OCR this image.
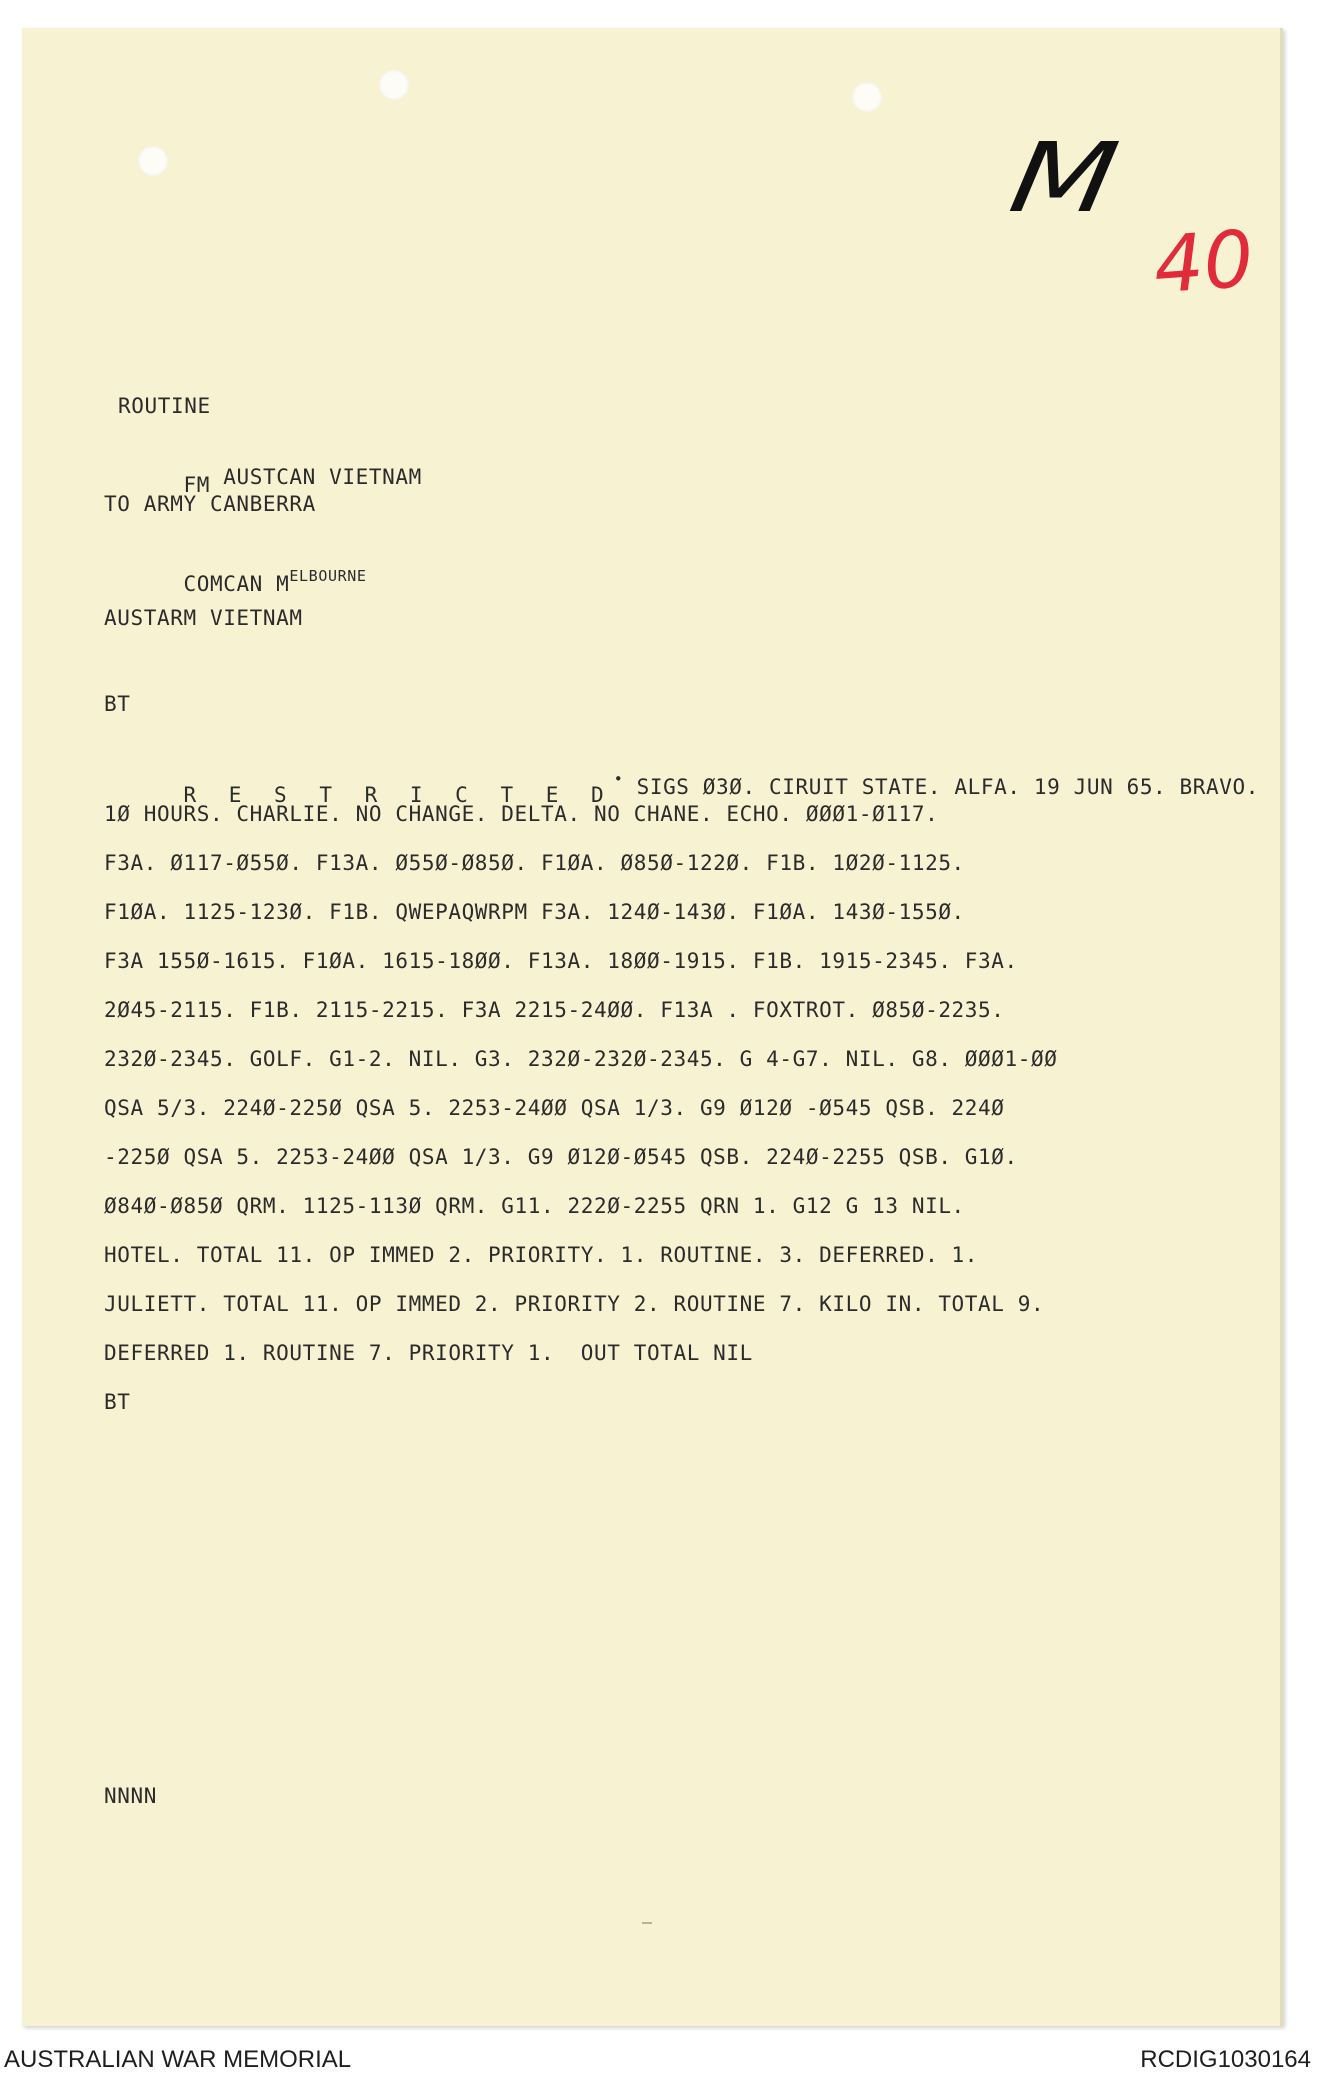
M
40
ROUTINE

FM AUSTCAN VIETNAM

TO ARMY CANBERRA

COMCAN $M^{ELBOURNE}$

AUSTARM VIETNAM
BT

R E S T R I C T E D• SIGS Ø3Ø. CIRUIT STATE. ALFA. 19 JUN 65. BRAVO.

1Ø HOURS. CHARLIE. NO CHANGE. DELTA. NO CHANE. ECHO. ØØØ1-Ø117.
F3A. Ø117-Ø55Ø. F13A. Ø55Ø-Ø85Ø. F1ØA. Ø85Ø-122Ø. F1B. 1Ø2Ø-1125.
F1ØA. 1125-123Ø. F1B. QWEPAQWRPM F3A. 124Ø-143Ø. F1ØA. 143Ø-155Ø.
F3A 155Ø-1615. F1ØA. 1615-18ØØ. F13A. 18ØØ-1915. F1B. 1915-2345. F3A.
2Ø45-2115. F1B. 2115-2215. F3A 2215-24ØØ. F13A . FOXTROT. Ø85Ø-2235.
232Ø-2345. GOLF. G1-2. NIL. G3. 232Ø-232Ø-2345. G 4-G7. NIL. G8. ØØØ1-ØØ
QSA 5/3. 224Ø-225Ø QSA 5. 2253-24ØØ QSA 1/3. G9 Ø12Ø -Ø545 QSB. 224Ø
-225Ø QSA 5. 2253-24ØØ QSA 1/3. G9 Ø12Ø-Ø545 QSB. 224Ø-2255 QSB. G1Ø.
Ø84Ø-Ø85Ø QRM. 1125-113Ø QRM. G11. 222Ø-2255 QRN 1. G12 G 13 NIL.
HOTEL. TOTAL 11. OP IMMED 2. PRIORITY. 1. ROUTINE. 3. DEFERRED. 1.
JULIETT. TOTAL 11. OP IMMED 2. PRIORITY 2. ROUTINE 7. KILO IN. TOTAL 9.
DEFERRED 1. ROUTINE 7. PRIORITY 1.  OUT TOTAL NIL
BT
NNNN
AUSTRALIAN WAR MEMORIAL	RCDIG1030164
